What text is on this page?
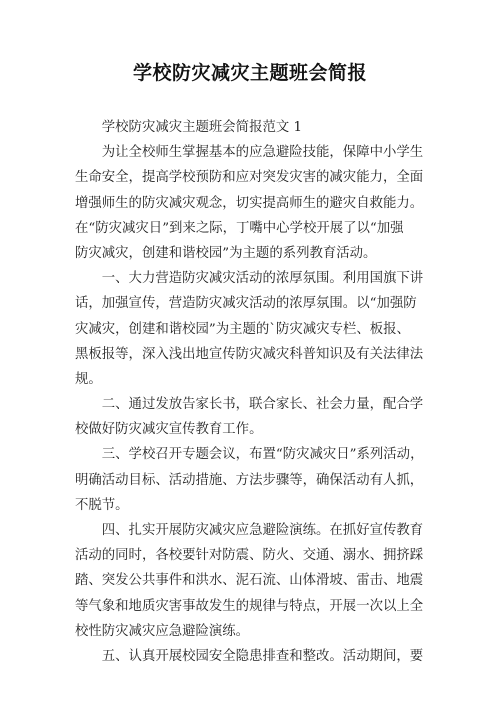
学校防灾减灾主题班会简报
　　学校防灾减灾主题班会简报范文 1
　　为让全校师生掌握基本的应急避险技能，保障中小学生
生命安全，提高学校预防和应对突发灾害的减灾能力，全面
增强师生的防灾减灾观念，切实提高师生的避灾自救能力。
在“防灾减灾日”到来之际，丁嘴中心学校开展了以“加强
防灾减灾，创建和谐校园”为主题的系列教育活动。
　　一、大力营造防灾减灾活动的浓厚氛围。利用国旗下讲
话，加强宣传，营造防灾减灾活动的浓厚氛围。以“加强防
灾减灾，创建和谐校园”为主题的`防灾减灾专栏、板报、
黑板报等，深入浅出地宣传防灾减灾科普知识及有关法律法
规。
　　二、通过发放告家长书，联合家长、社会力量，配合学
校做好防灾减灾宣传教育工作。
　　三、学校召开专题会议，布置“防灾减灾日”系列活动，
明确活动目标、活动措施、方法步骤等，确保活动有人抓，
不脱节。
　　四、扎实开展防灾减灾应急避险演练。在抓好宣传教育
活动的同时，各校要针对防震、防火、交通、溺水、拥挤踩
踏、突发公共事件和洪水、泥石流、山体滑坡、雷击、地震
等气象和地质灾害事故发生的规律与特点，开展一次以上全
校性防灾减灾应急避险演练。
　　五、认真开展校园安全隐患排查和整改。活动期间，要
